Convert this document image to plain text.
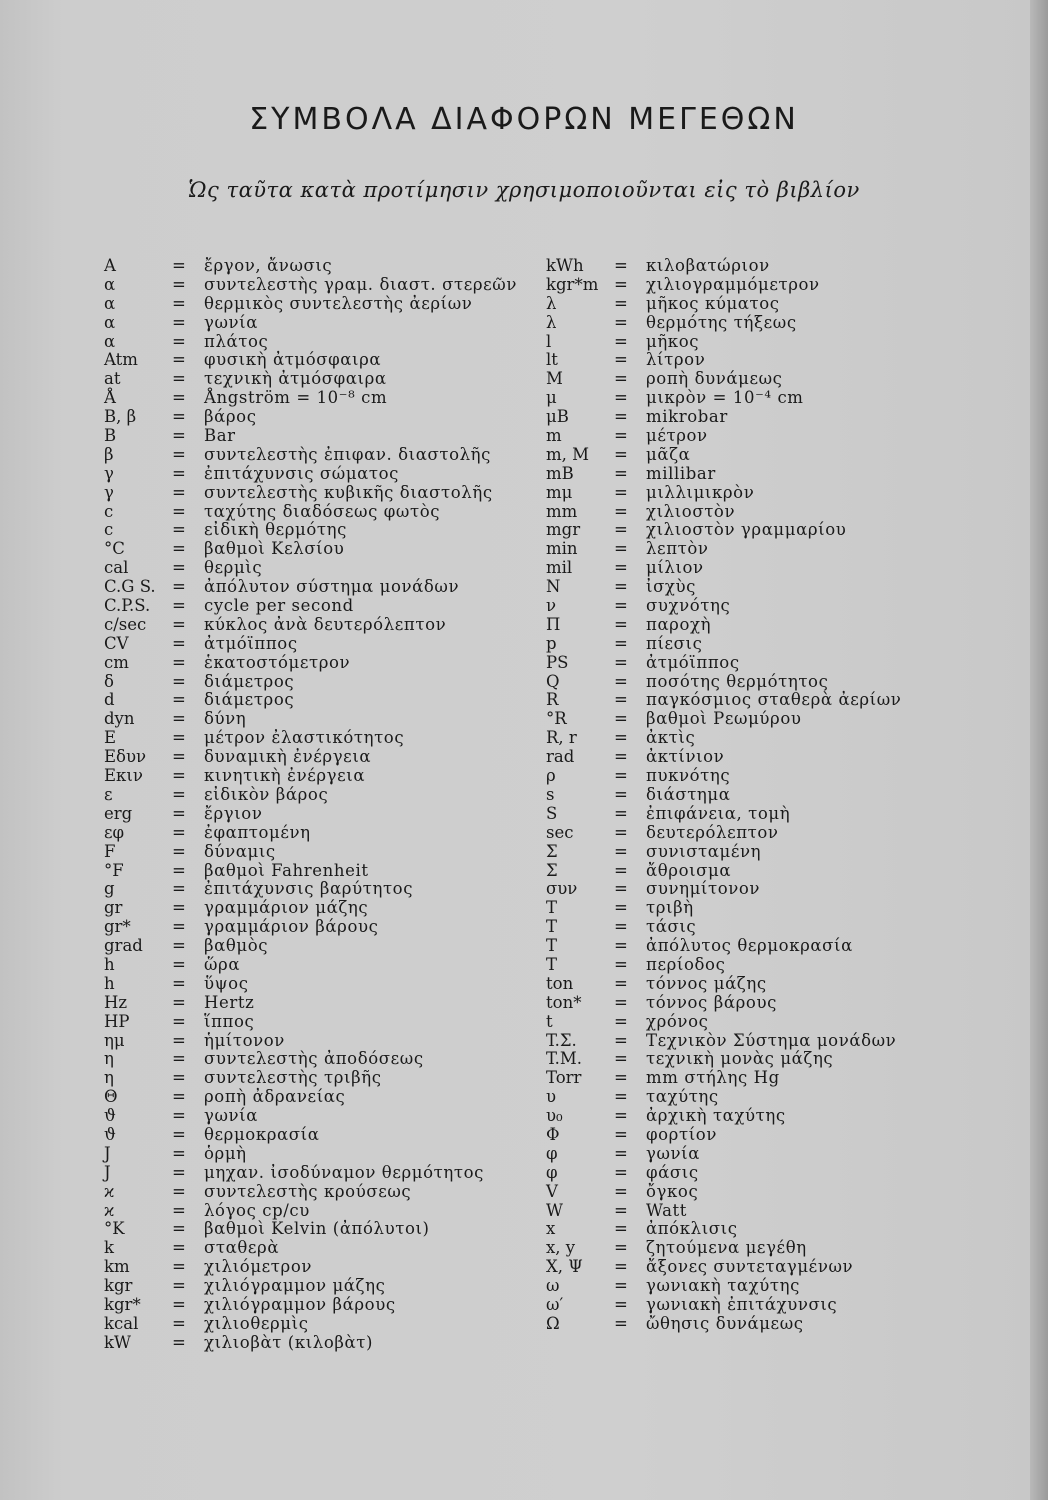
ΣΥΜΒΟΛΑ ΔΙΑΦΟΡΩΝ ΜΕΓΕΘΩΝ
Ὡς ταῦτα κατὰ προτίμησιν χρησιμοποιοῦνται εἰς τὸ βιβλίον
A	=	ἔργον, ἄνωσις
α	=	συντελεστὴς γραμ. διαστ. στερεῶν
α	=	θερμικὸς συντελεστὴς ἀερίων
α	=	γωνία
α	=	πλάτος
Atm	=	φυσικὴ ἀτμόσφαιρα
at	=	τεχνικὴ ἀτμόσφαιρα
Å	=	Ångström = 10⁻⁸ cm
B, β	=	βάρος
B	=	Bar
β	=	συντελεστὴς ἐπιφαν. διαστολῆς
γ	=	ἐπιτάχυνσις σώματος
γ	=	συντελεστὴς κυβικῆς διαστολῆς
c	=	ταχύτης διαδόσεως φωτὸς
c	=	εἰδικὴ θερμότης
°C	=	βαθμοὶ Κελσίου
cal	=	θερμὶς
C.G S. =	ἀπόλυτον σύστημα μονάδων
C.P.S.	=	cycle per second
c/sec	=	κύκλος ἀνὰ δευτερόλεπτον
CV	=	ἀτμόϊππος
cm	=	ἑκατοστόμετρον
δ	=	διάμετρος
d	=	διάμετρος
dyn	=	δύνη
E	=	μέτρον ἐλαστικότητος
Eδυν	=	δυναμικὴ ἐνέργεια
Eκιν	=	κινητικὴ ἐνέργεια
ε	=	εἰδικὸν βάρος
erg	=	ἔργιον
εφ	=	ἐφαπτομένη
F	=	δύναμις
°F	=	βαθμοὶ Fahrenheit
g	=	ἐπιτάχυνσις βαρύτητος
gr	=	γραμμάριον μάζης
gr*	=	γραμμάριον βάρους
grad	=	βαθμὸς
h	=	ὥρα
h	=	ὕψος
Hz	=	Hertz
HP	=	ἵππος
ημ	=	ἡμίτονον
η	=	συντελεστὴς ἀποδόσεως
η	=	συντελεστὴς τριβῆς
Θ	=	ροπὴ ἀδρανείας
ϑ	=	γωνία
ϑ	=	θερμοκρασία
J	=	ὁρμὴ
J	=	μηχαν. ἰσοδύναμον θερμότητος
ϰ	=	συντελεστὴς κρούσεως
ϰ	=	λόγος cp/cυ
°K	=	βαθμοὶ Kelvin (ἀπόλυτοι)
k	=	σταθερὰ
km	=	χιλιόμετρον
kgr	=	χιλιόγραμμον μάζης
kgr*	=	χιλιόγραμμον βάρους
kcal	=	χιλιοθερμὶς
kW	=	χιλιοβὰτ (κιλοβὰτ)
kWh	=	κιλοβατώριον
kgr*m =	χιλιογραμμόμετρον
λ	=	μῆκος κύματος
λ	=	θερμότης τήξεως
l	=	μῆκος
lt	=	λίτρον
M	=	ροπὴ δυνάμεως
μ	=	μικρὸν = 10⁻⁴ cm
μB	=	mikrobar
m	=	μέτρον
m, M	=	μᾶζα
mB	=	millibar
mμ	=	μιλλιμικρὸν
mm	=	χιλιοστὸν
mgr	=	χιλιοστὸν γραμμαρίου
min	=	λεπτὸν
mil	=	μίλιον
N	=	ἰσχὺς
ν	=	συχνότης
Π	=	παροχὴ
p	=	πίεσις
PS	=	ἀτμόϊππος
Q	=	ποσότης θερμότητος
R	=	παγκόσμιος σταθερὰ ἀερίων
°R	=	βαθμοὶ Ρεωμύρου
R, r	=	ἀκτὶς
rad	=	ἀκτίνιον
ρ	=	πυκνότης
s	=	διάστημα
S	=	ἐπιφάνεια, τομὴ
sec	=	δευτερόλεπτον
Σ	=	συνισταμένη
Σ	=	ἄθροισμα
συν	=	συνημίτονον
T	=	τριβὴ
T	=	τάσις
T	=	ἀπόλυτος θερμοκρασία
T	=	περίοδος
ton	=	τόννος μάζης
ton*	=	τόννος βάρους
t	=	χρόνος
T.Σ.	=	Τεχνικὸν Σύστημα μονάδων
T.M.	=	τεχνικὴ μονὰς μάζης
Torr	=	mm στήλης Hg
υ	=	ταχύτης
υ₀	=	ἀρχικὴ ταχύτης
Φ	=	φορτίον
φ	=	γωνία
φ	=	φάσις
V	=	ὄγκος
W	=	Watt
x	=	ἀπόκλισις
x, y	=	ζητούμενα μεγέθη
X, Ψ	=	ἄξονες συντεταγμένων
ω	=	γωνιακὴ ταχύτης
ω′	=	γωνιακὴ ἐπιτάχυνσις
Ω	=	ὤθησις δυνάμεως
